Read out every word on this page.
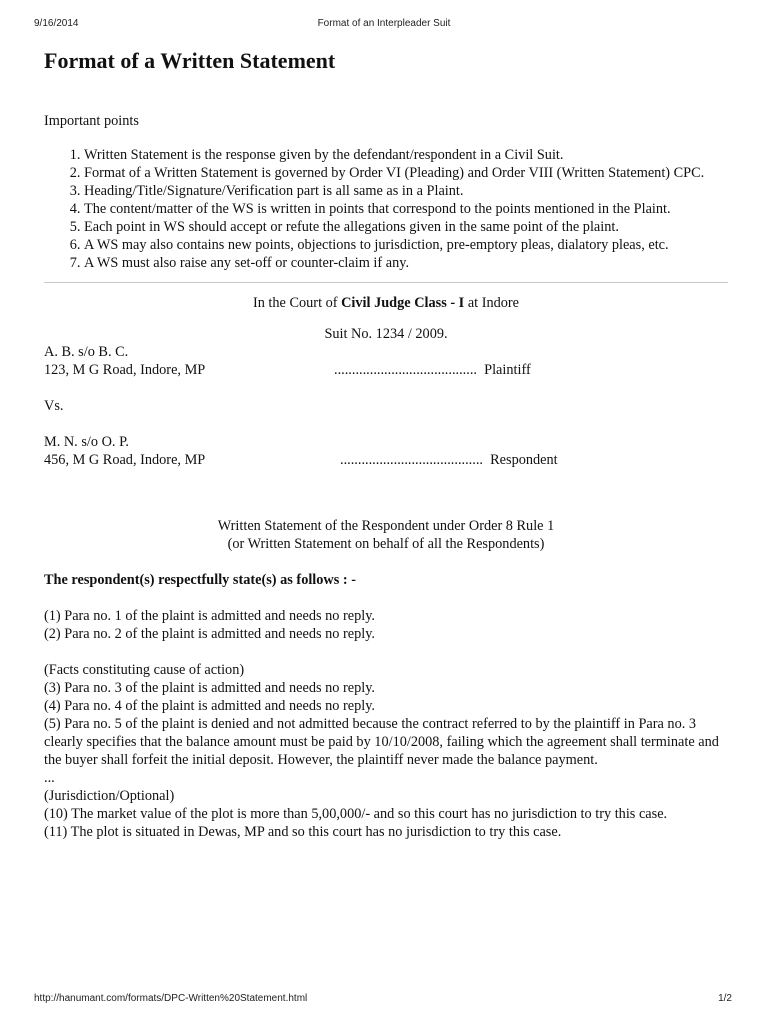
9/16/2014	Format of an Interpleader Suit
Format of a Written Statement
Important points
1. Written Statement is the response given by the defendant/respondent in a Civil Suit.
2. Format of a Written Statement is governed by Order VI (Pleading) and Order VIII (Written Statement) CPC.
3. Heading/Title/Signature/Verification part is all same as in a Plaint.
4. The content/matter of the WS is written in points that correspond to the points mentioned in the Plaint.
5. Each point in WS should accept or refute the allegations given in the same point of the plaint.
6. A WS may also contains new points, objections to jurisdiction, pre-emptory pleas, dialatory pleas, etc.
7. A WS must also raise any set-off or counter-claim if any.
In the Court of Civil Judge Class - I at Indore
Suit No. 1234 / 2009.
A. B. s/o B. C.
123, M G Road, Indore, MP	........................................ Plaintiff
Vs.
M. N. s/o O. P.
456, M G Road, Indore, MP	........................................ Respondent
Written Statement of the Respondent under Order 8 Rule 1
(or Written Statement on behalf of all the Respondents)
The respondent(s) respectfully state(s) as follows : -
(1) Para no. 1 of the plaint is admitted and needs no reply.
(2) Para no. 2 of the plaint is admitted and needs no reply.
(Facts constituting cause of action)
(3) Para no. 3 of the plaint is admitted and needs no reply.
(4) Para no. 4 of the plaint is admitted and needs no reply.
(5) Para no. 5 of the plaint is denied and not admitted because the contract referred to by the plaintiff in Para no. 3 clearly specifies that the balance amount must be paid by 10/10/2008, failing which the agreement shall terminate and the buyer shall forfeit the initial deposit. However, the plaintiff never made the balance payment.
...
(Jurisdiction/Optional)
(10) The market value of the plot is more than 5,00,000/- and so this court has no jurisdiction to try this case.
(11) The plot is situated in Dewas, MP and so this court has no jurisdiction to try this case.
http://hanumant.com/formats/DPC-Written%20Statement.html	1/2
